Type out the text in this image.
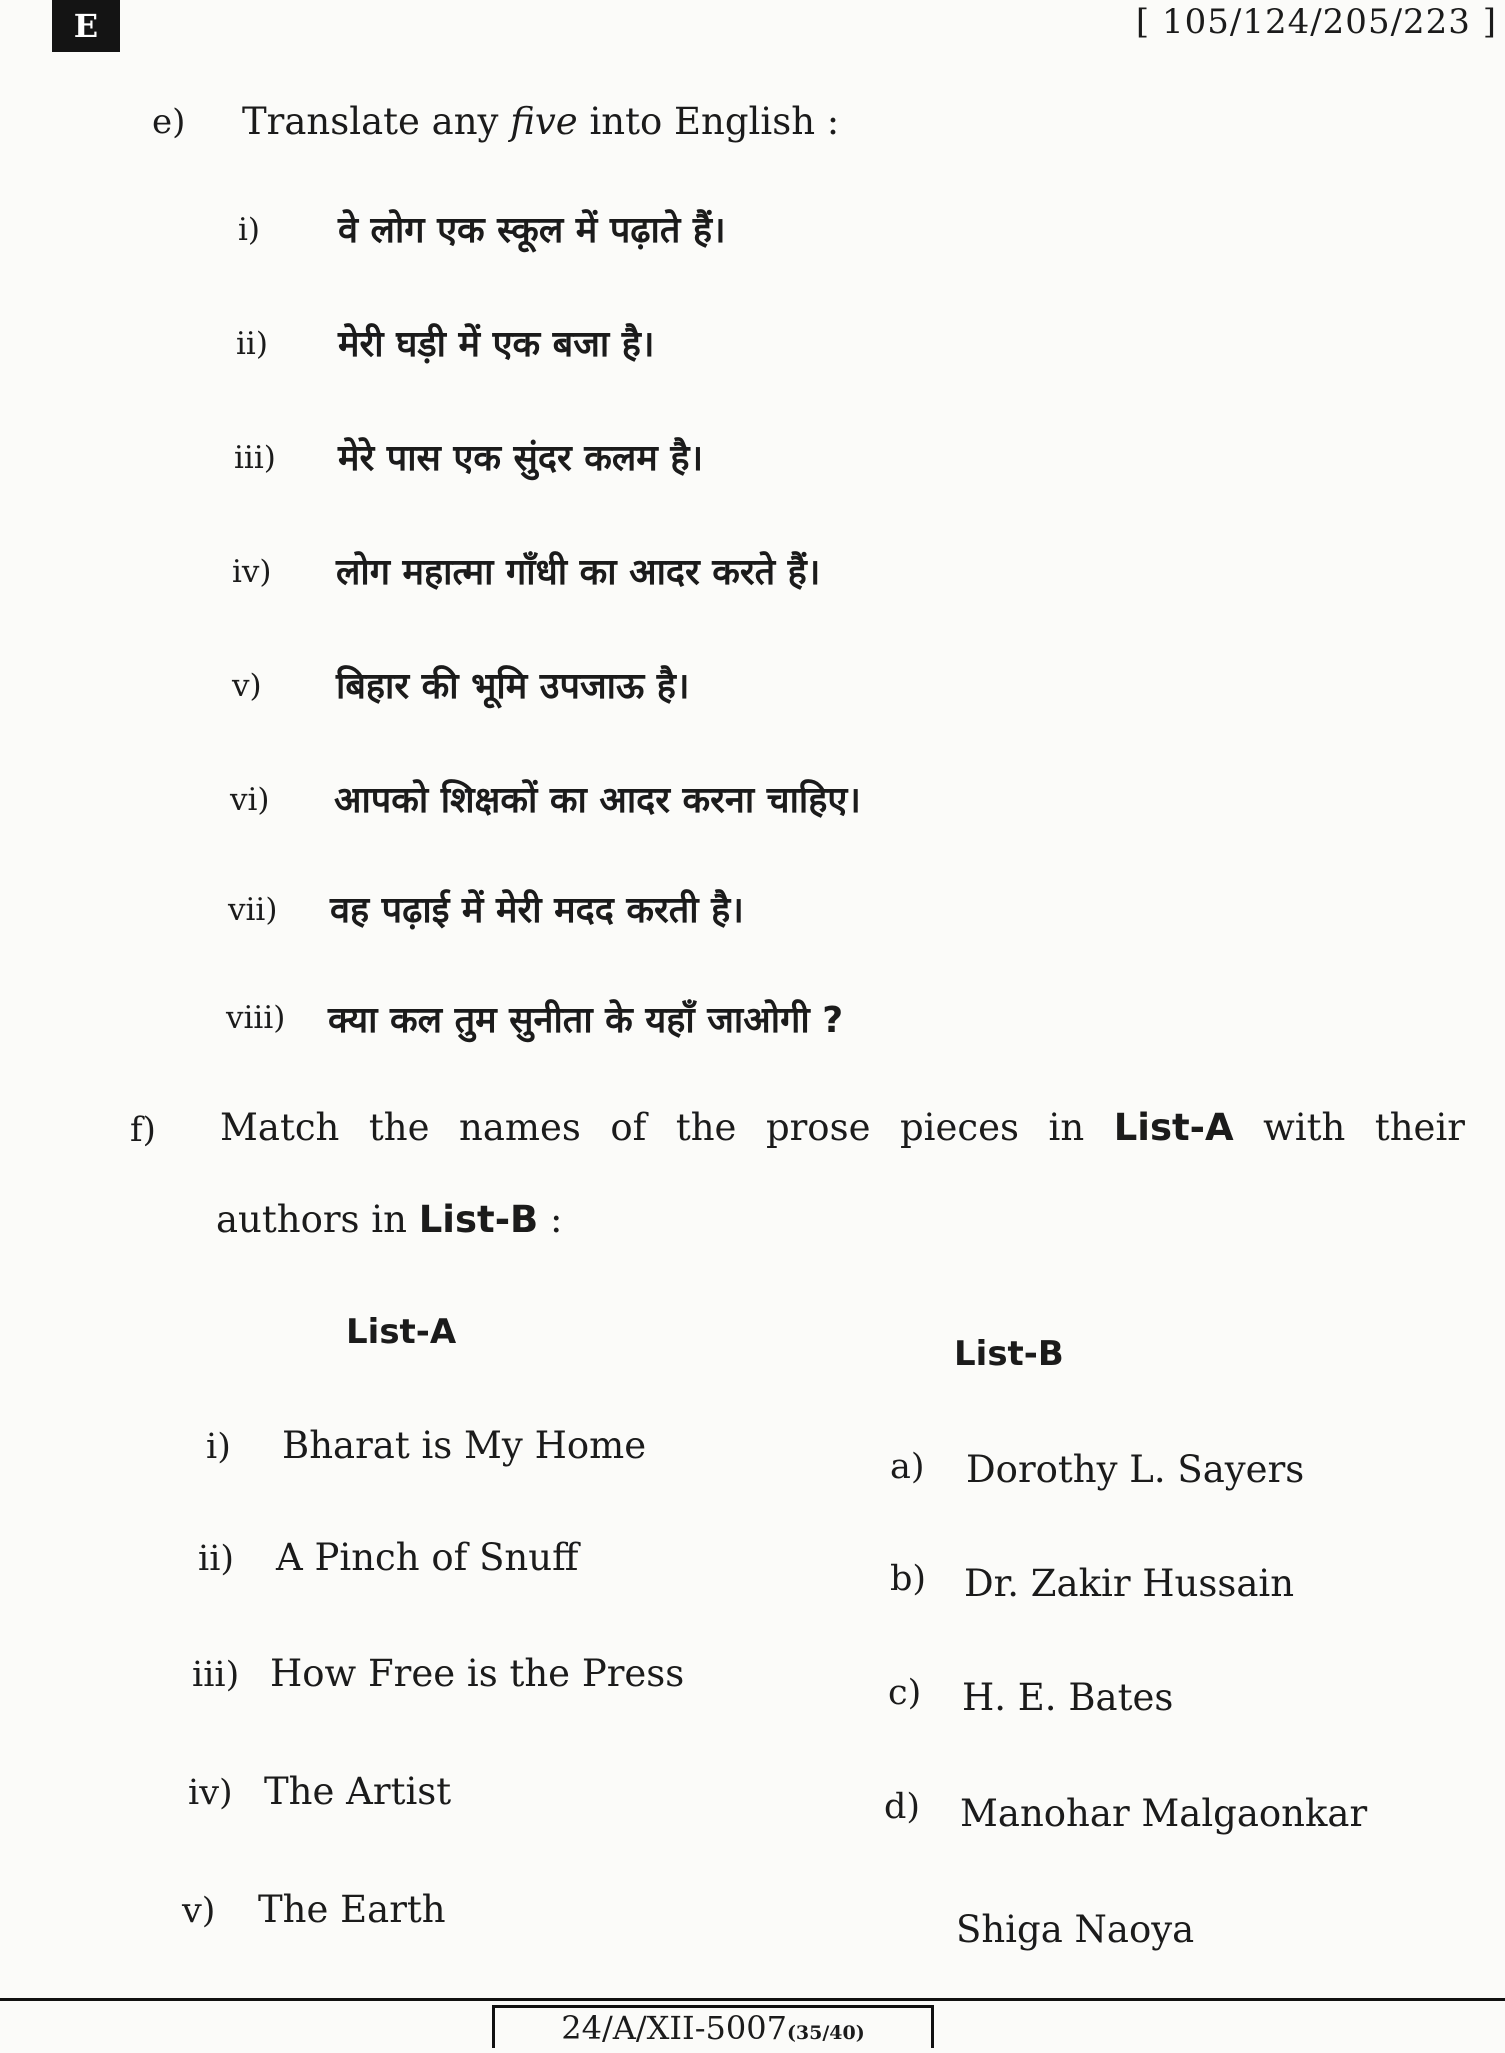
E	[ 105/124/205/223 ]
e) Translate any five into English :
i) वे लोग एक स्कूल में पढ़ाते हैं।
ii) मेरी घड़ी में एक बजा है।
iii) मेरे पास एक सुंदर कलम है।
iv) लोग महात्मा गाँधी का आदर करते हैं।
v) बिहार की भूमि उपजाऊ है।
vi) आपको शिक्षकों का आदर करना चाहिए।
vii) वह पढ़ाई में मेरी मदद करती है।
viii) क्या कल तुम सुनीता के यहाँ जाओगी ?
f) Match the names of the prose pieces in List-A with their
authors in List-B :
List-A
List-B
i) Bharat is My Home
ii) A Pinch of Snuff
iii) How Free is the Press
iv) The Artist
v) The Earth
a) Dorothy L. Sayers
b) Dr. Zakir Hussain
c) H. E. Bates
d) Manohar Malgaonkar
Shiga Naoya
24/A/XII-5007(35/40)
